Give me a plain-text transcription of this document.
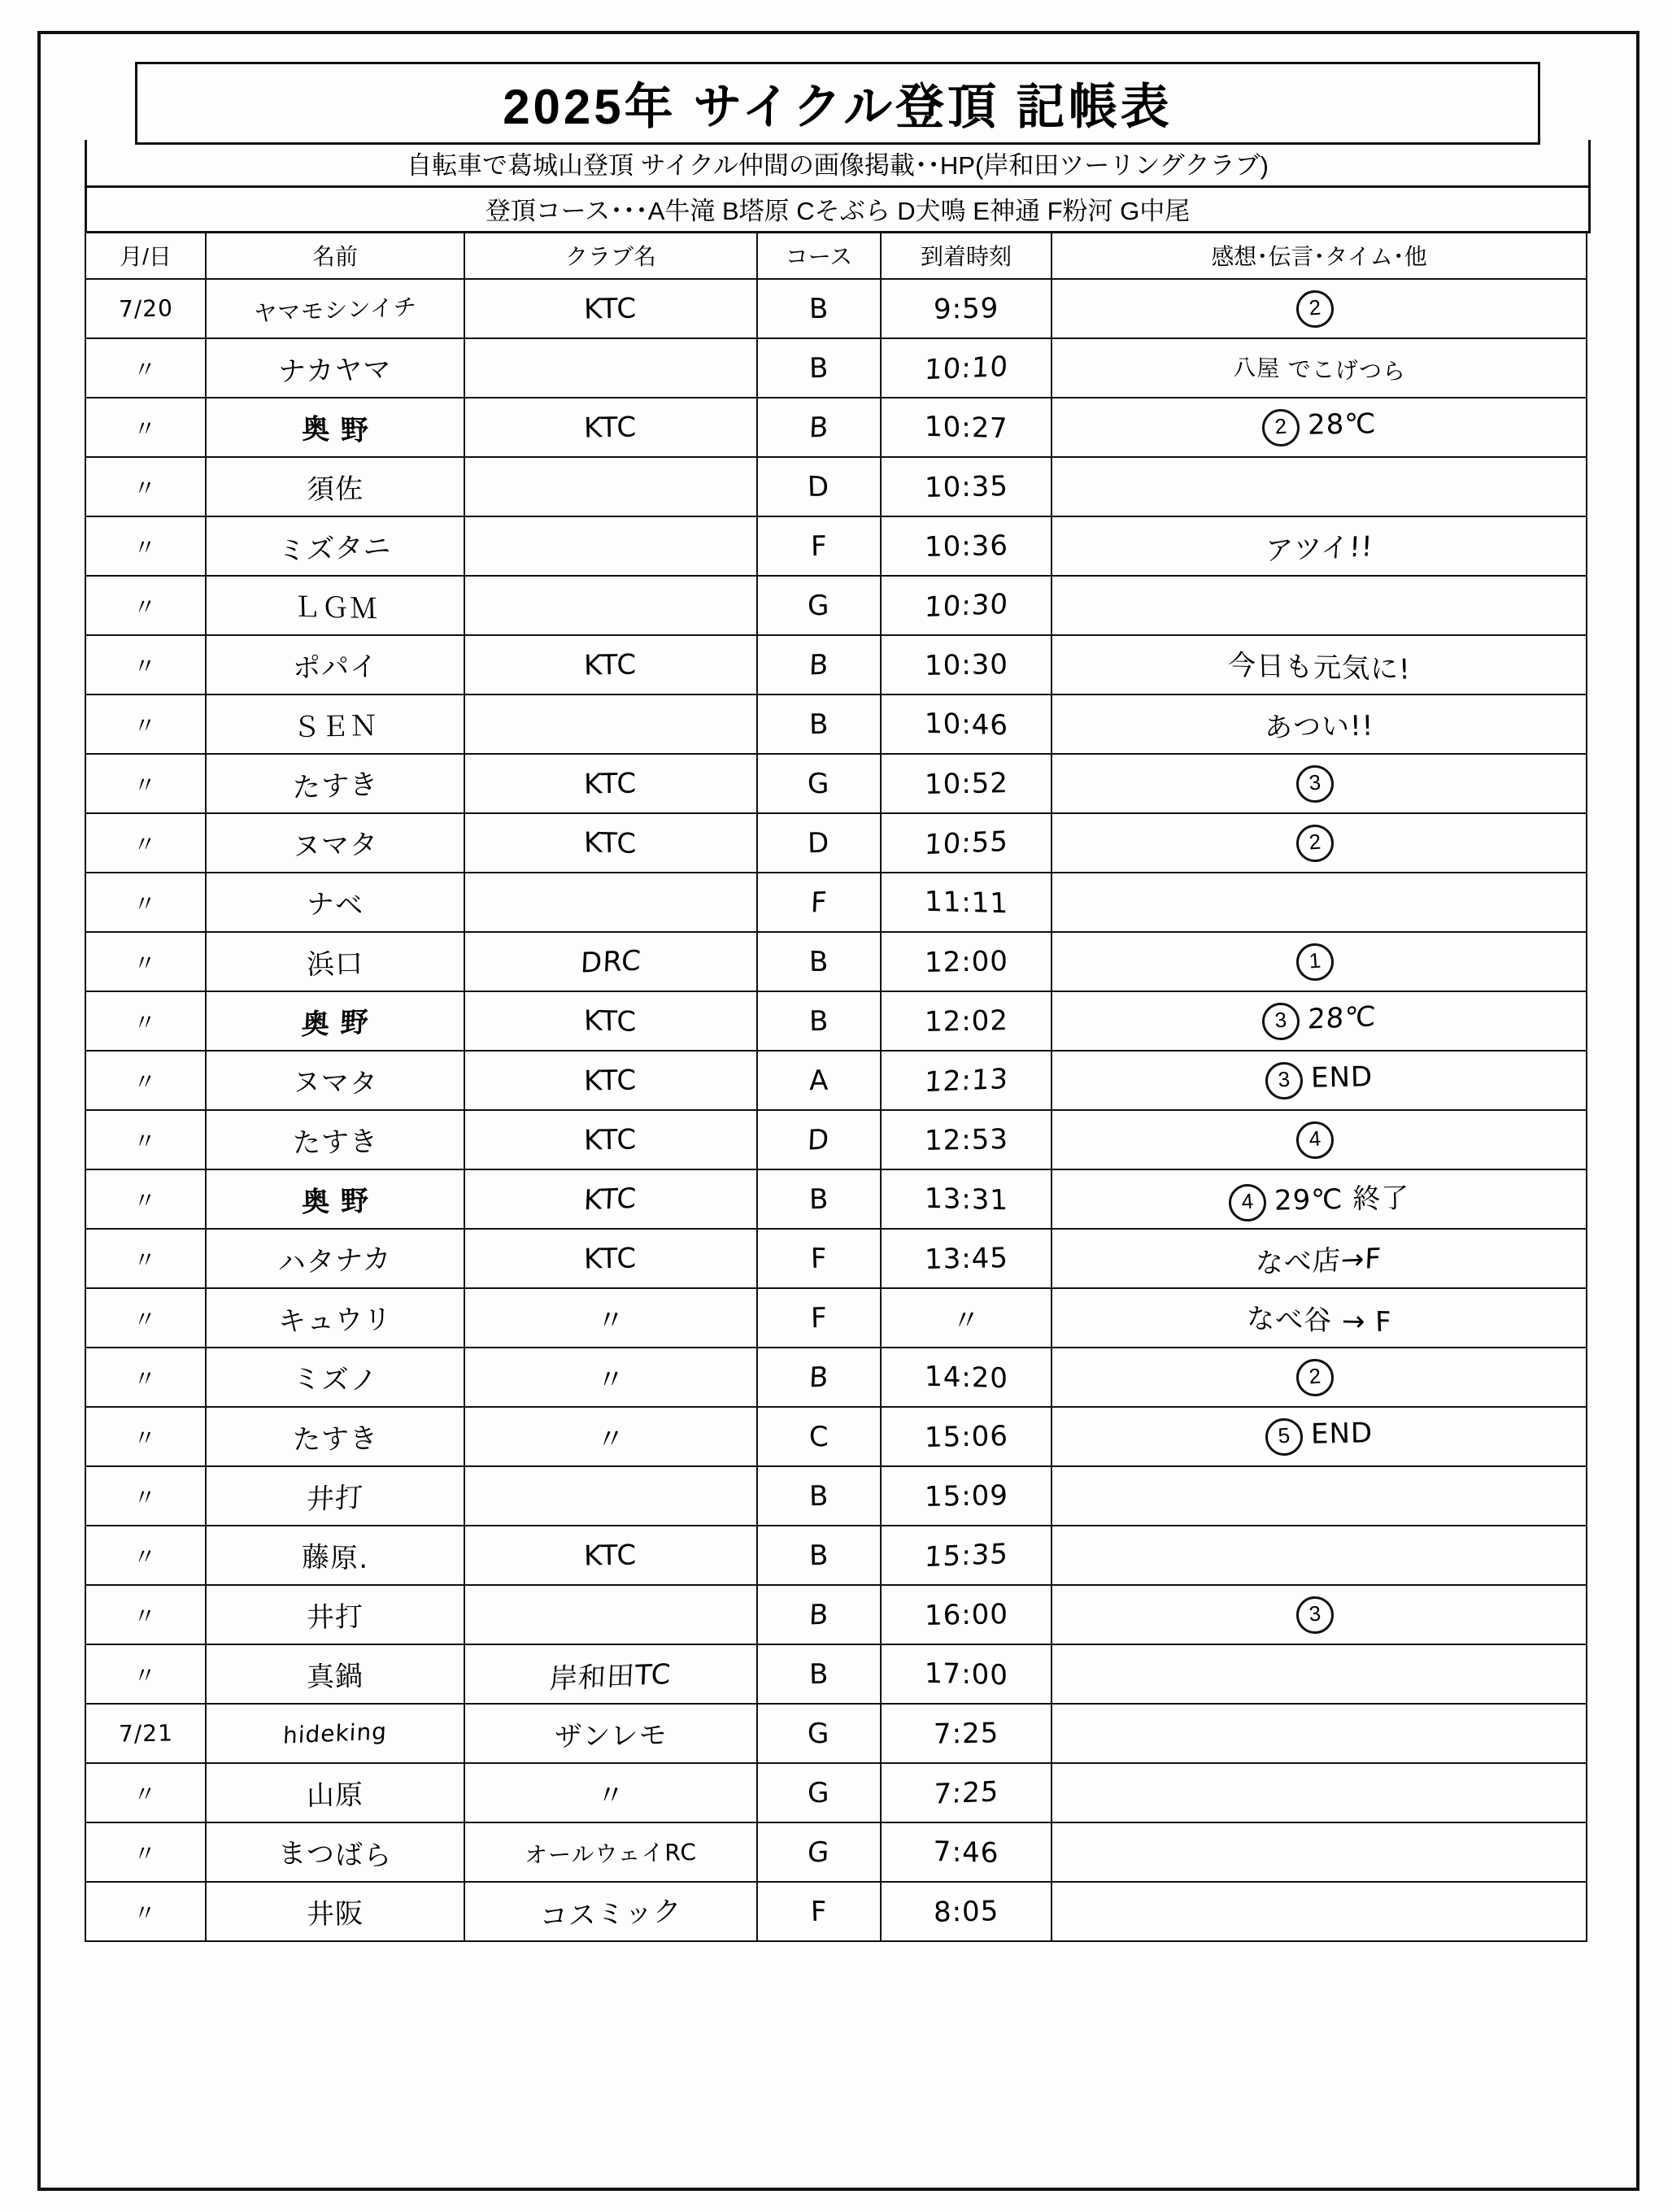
2025年 サイクル登頂 記帳表
自転車で葛城山登頂 サイクル仲間の画像掲載･･HP(岸和田ツーリングクラブ)
登頂コース･･･A牛滝 B塔原 Cそぶら D犬鳴 E神通 F粉河 G中尾
月/日	名前	クラブ名	コース	到着時刻	感想･伝言･タイム･他
7/20	ヤマモシンイチ	KTC	B	9:59	2
〃	ナカヤマ		B	10:10	八屋 でこげつら
〃	奥 野	KTC	B	10:27	2 28℃
〃	須佐		D	10:35	
〃	ミズタニ		F	10:36	アツイ!!
〃	ＬＧＭ		G	10:30	
〃	ポパイ	KTC	B	10:30	今日も元気に!
〃	ＳＥＮ		B	10:46	あつい!!
〃	たすき	KTC	G	10:52	3
〃	ヌマタ	KTC	D	10:55	2
〃	ナベ		F	11:11	
〃	浜口	DRC	B	12:00	1
〃	奥 野	KTC	B	12:02	3 28℃
〃	ヌマタ	KTC	A	12:13	3 END
〃	たすき	KTC	D	12:53	4
〃	奥 野	KTC	B	13:31	4 29℃ 終了
〃	ハタナカ	KTC	F	13:45	なべ店→F
〃	キュウリ	〃	F	〃	なべ谷 → F
〃	ミズノ	〃	B	14:20	2
〃	たすき	〃	C	15:06	5 END
〃	井打		B	15:09	
〃	藤原.	KTC	B	15:35	
〃	井打		B	16:00	3
〃	真鍋	岸和田TC	B	17:00	
7/21	hideking	ザンレモ	G	7:25	
〃	山原	〃	G	7:25	
〃	まつばら	オールウェイRC	G	7:46	
〃	井阪	コスミック	F	8:05	
